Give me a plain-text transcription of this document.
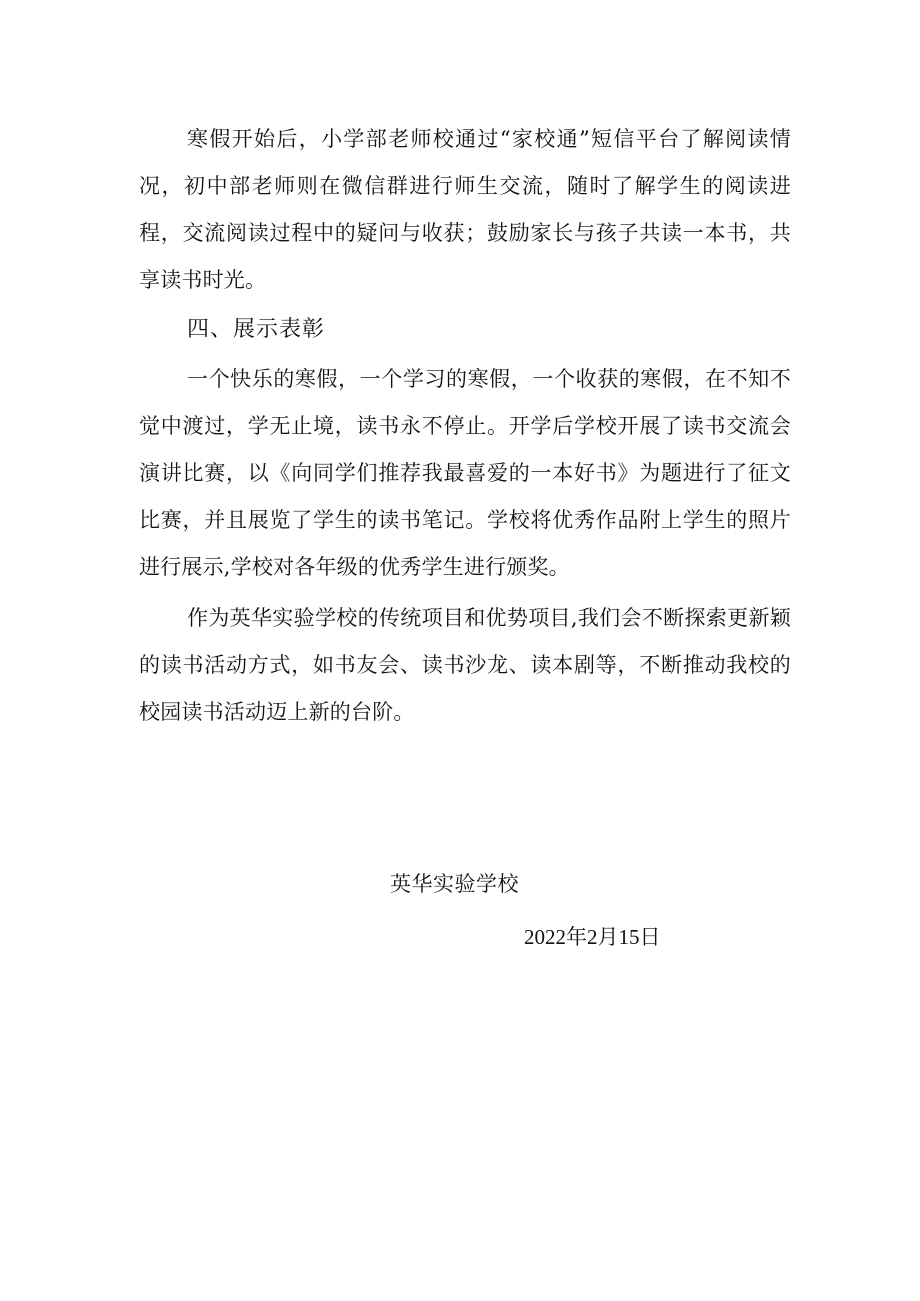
寒假开始后，小学部老师校通过“家校通”短信平台了解阅读情况，初中部老师则在微信群进行师生交流，随时了解学生的阅读进程，交流阅读过程中的疑问与收获；鼓励家长与孩子共读一本书，共享读书时光。

四、展示表彰

一个快乐的寒假，一个学习的寒假，一个收获的寒假，在不知不觉中渡过，学无止境，读书永不停止。开学后学校开展了读书交流会演讲比赛，以《向同学们推荐我最喜爱的一本好书》为题进行了征文比赛，并且展览了学生的读书笔记。学校将优秀作品附上学生的照片进行展示,学校对各年级的优秀学生进行颁奖。

作为英华实验学校的传统项目和优势项目,我们会不断探索更新颖的读书活动方式，如书友会、读书沙龙、读本剧等，不断推动我校的校园读书活动迈上新的台阶。

英华实验学校
2022年2月15日
